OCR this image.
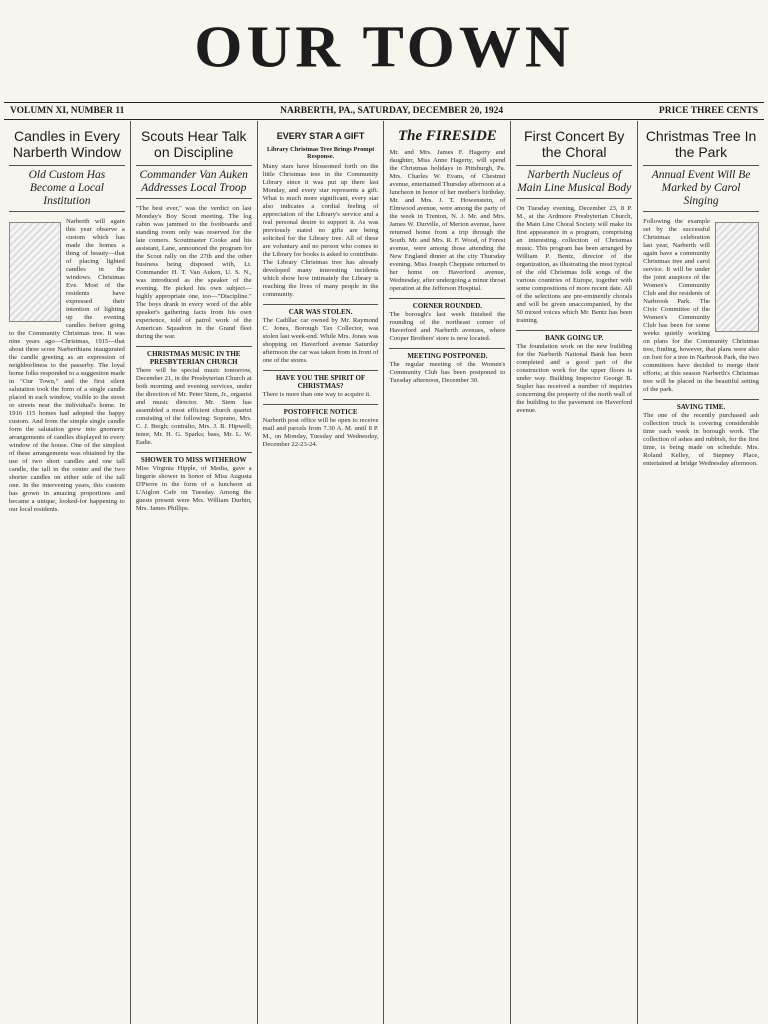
OUR TOWN
VOLUMN XI, NUMBER 11	NARBERTH, PA., SATURDAY, DECEMBER 20, 1924	PRICE THREE CENTS
Candles in Every Narberth Window
Old Custom Has Become a Local Institution

Narberth will again this year observe a custom which has made the homes a thing of beauty—that of placing lighted candles in the windows. Christmas Eve. Most of the residents have expressed their intention of lighting up the evening candles before going to the Community Christmas tree. It was nine years ago—Christmas, 1915—that about three score Narberthians inaugurated the candle greeting as an expression of neighborliness to the passerby. The loyal home folks responded to a suggestion made in "Our Town," and the first silent salutation took the form of a single candle placed in each window, visible to the street or streets near the individual's home. In 1916 115 homes had adopted the happy custom. And from the simple single candle form the salutation grew into gnomeric arrangements of candles displayed in every window of the house. One of the simplest of these arrangements was obtained by the use of two short candles and one tall candle, the tall in the center and the two shorter candles on either side of the tall one. In the intervening years, this custom has grown in amazing proportions and became a unique, looked-for happening to our local residents.

Scouts Hear Talk on Discipline
Commander Van Auken Addresses Local Troop

"The best ever," was the verdict on last Monday's Boy Scout meeting. The log cabin was jammed to the footboards and standing room only was reserved for the late comers. Scoutmaster Cooke and his assistant, Lane, announced the program for the Scout rally on the 27th and the other business being disposed with, Lt. Commander H. T. Van Auken, U. S. N., was introduced as the speaker of the evening. He picked his own subject—highly appropriate one, too—"Discipline." The boys drank in every word of the able speaker's gathering facts from his own experience, told of patrol work of the American Squadron in the Grand fleet during the war.

CHRISTMAS MUSIC IN THE PRESBYTERIAN CHURCH

There will be special music tomorrow, December 21, in the Presbyterian Church at both morning and evening services, under the direction of Mr. Peter Stem, Jr., organist and music director. Mr. Stem has assembled a most efficient church quartet consisting of the following: Soprano, Mrs. C. J. Bergh; contralto, Mrs. J. B. Hipwell; tenor, Mr. H. G. Sparks; bass, Mr. L. W. Eadie.

SHOWER TO MISS WITHEROW

Miss Virginia Hipple, of Media, gave a lingerie shower in honor of Miss Augusta D'Pierre in the form of a luncheon at L'Aiglon Cafe on Tuesday. Among the guests present were Mrs. William Durbin, Mrs. James Phillips.

EVERY STAR A GIFT
Library Christmas Tree Brings Prompt Response.

Many stars have blossomed forth on the little Christmas tree in the Community Library since it was put up there last Monday, and every star represents a gift. What is much more significant, every star also indicates a cordial feeling of appreciation of the Library's service and a real personal desire to support it. As was previously stated no gifts are being solicited for the Library tree. All of these are voluntary and no person who comes to the Library for books is asked to contribute. The Library Christmas tree has already developed many interesting incidents which show how intimately the Library is reaching the lives of many people in the community.

CAR WAS STOLEN.

The Cadillac car owned by Mr. Raymond C. Jones, Borough Tax Collector, was stolen last week-end. While Mrs. Jones was shopping on Haverford avenue Saturday afternoon the car was taken from in front of one of the stores.

HAVE YOU THE SPIRIT OF CHRISTMAS?

There is more than one way to acquire it.

POSTOFFICE NOTICE

Narberth post office will be open to receive mail and parcels from 7.30 A. M. until 8 P. M., on Monday, Tuesday and Wednesday, December 22-23-24.

The FIRESIDE

Mr. and Mrs. James F. Hagerty and daughter, Miss Anne Hagerty, will spend the Christmas holidays in Pittsburgh, Pa. Mrs. Charles W. Evans, of Chestnut avenue, entertained Thursday afternoon at a luncheon in honor of her mother's birthday. Mr. and Mrs. J. T. Howenstein, of Elmwood avenue, were among the party of the week in Trenton, N. J. Mr. and Mrs. James W. Durville, of Merion avenue, have returned home from a trip through the South. Mr. and Mrs. R. F. Wood, of Forest avenue, were among those attending the New England dinner at the city Thursday evening. Miss Joseph Cheppate returned to her home on Haverford avenue, Wednesday, after undergoing a minor throat operation at the Jefferson Hospital.

CORNER ROUNDED.

The borough's last week finished the rounding of the northeast corner of Haverford and Narberth avenues, where Cooper Brothers' store is now located.

MEETING POSTPONED.

The regular meeting of the Women's Community Club has been postponed to Tuesday afternoon, December 30.

First Concert By the Choral
Narberth Nucleus of Main Line Musical Body

On Tuesday evening, December 23, 8 P. M., at the Ardmore Presbyterian Church, the Main Line Choral Society will make its first appearance in a program, comprising an interesting collection of Christmas music. This program has been arranged by William P. Bentz, director of the organization, as illustrating the most typical of the old Christmas folk songs of the various countries of Europe, together with some compositions of more recent date. All of the selections are pre-eminently chorals and will be given unaccompanied, by the 50 mixed voices which Mr. Bentz has been training.

BANK GOING UP.

The foundation work on the new building for the Narberth National Bank has been completed and a good part of the construction work for the upper floors is under way. Building Inspector George B. Supler has received a number of inquiries concerning the property of the north wall of the building to the pavement on Haverford avenue.

Christmas Tree In the Park
Annual Event Will Be Marked by Carol Singing

Following the example set by the successful Christmas celebration last year, Narberth will again have a community Christmas tree and carol service. It will be under the joint auspices of the Women's Community Club and the residents of Narbrook Park. The Civic Committee of the Women's Community Club has been for some weeks quietly working on plans for the Community Christmas tree, finding, however, that plans were also on foot for a tree in Narbrook Park, the two committees have decided to merge their efforts; at this season Narberth's Christmas tree will be placed in the beautiful setting of the park.

SAVING TIME.

The one of the recently purchased ash collection truck is covering considerable time each week in borough work. The collection of ashes and rubbish, for the first time, is being made on schedule. Mrs. Roland Kelley, of Stepney Place, entertained at bridge Wednesday afternoon.
